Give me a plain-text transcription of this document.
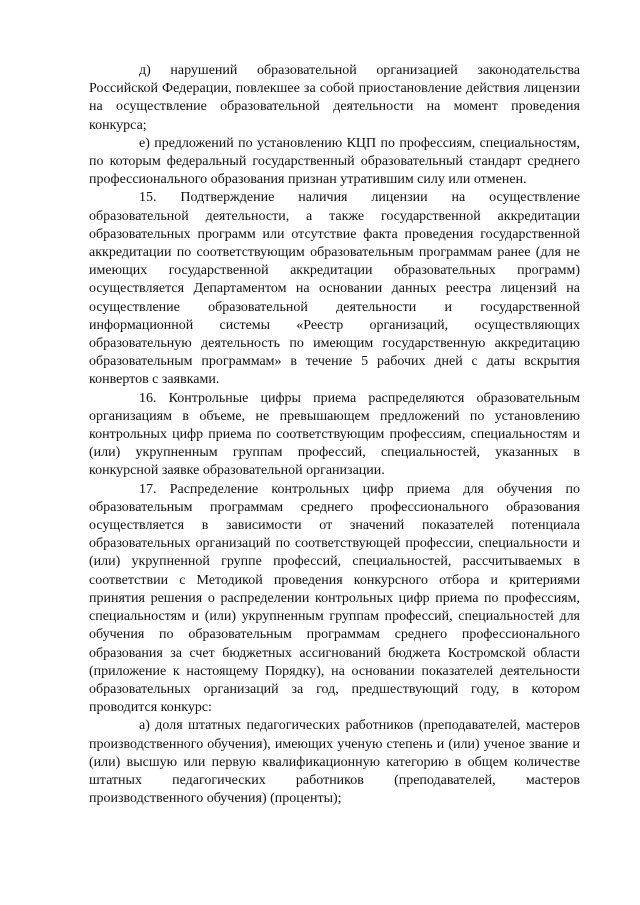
д) нарушений образовательной организацией законодательства Российской Федерации, повлекшее за собой приостановление действия лицензии на осуществление образовательной деятельности на момент проведения конкурса;

е) предложений по установлению КЦП по профессиям, специальностям, по которым федеральный государственный образовательный стандарт среднего профессионального образования признан утратившим силу или отменен.

15. Подтверждение наличия лицензии на осуществление образовательной деятельности, а также государственной аккредитации образовательных программ или отсутствие факта проведения государственной аккредитации по соответствующим образовательным программам ранее (для не имеющих государственной аккредитации образовательных программ) осуществляется Департаментом на основании данных реестра лицензий на осуществление образовательной деятельности и государственной информационной системы «Реестр организаций, осуществляющих образовательную деятельность по имеющим государственную аккредитацию образовательным программам» в течение 5 рабочих дней с даты вскрытия конвертов с заявками.

16. Контрольные цифры приема распределяются образовательным организациям в объеме, не превышающем предложений по установлению контрольных цифр приема по соответствующим профессиям, специальностям и (или) укрупненным группам профессий, специальностей, указанных в конкурсной заявке образовательной организации.

17. Распределение контрольных цифр приема для обучения по образовательным программам среднего профессионального образования осуществляется в зависимости от значений показателей потенциала образовательных организаций по соответствующей профессии, специальности и (или) укрупненной группе профессий, специальностей, рассчитываемых в соответствии с Методикой проведения конкурсного отбора и критериями принятия решения о распределении контрольных цифр приема по профессиям, специальностям и (или) укрупненным группам профессий, специальностей для обучения по образовательным программам среднего профессионального образования за счет бюджетных ассигнований бюджета Костромской области (приложение к настоящему Порядку), на основании показателей деятельности образовательных организаций за год, предшествующий году, в котором проводится конкурс:

а) доля штатных педагогических работников (преподавателей, мастеров производственного обучения), имеющих ученую степень и (или) ученое звание и (или) высшую или первую квалификационную категорию в общем количестве штатных педагогических работников (преподавателей, мастеров производственного обучения) (проценты);
